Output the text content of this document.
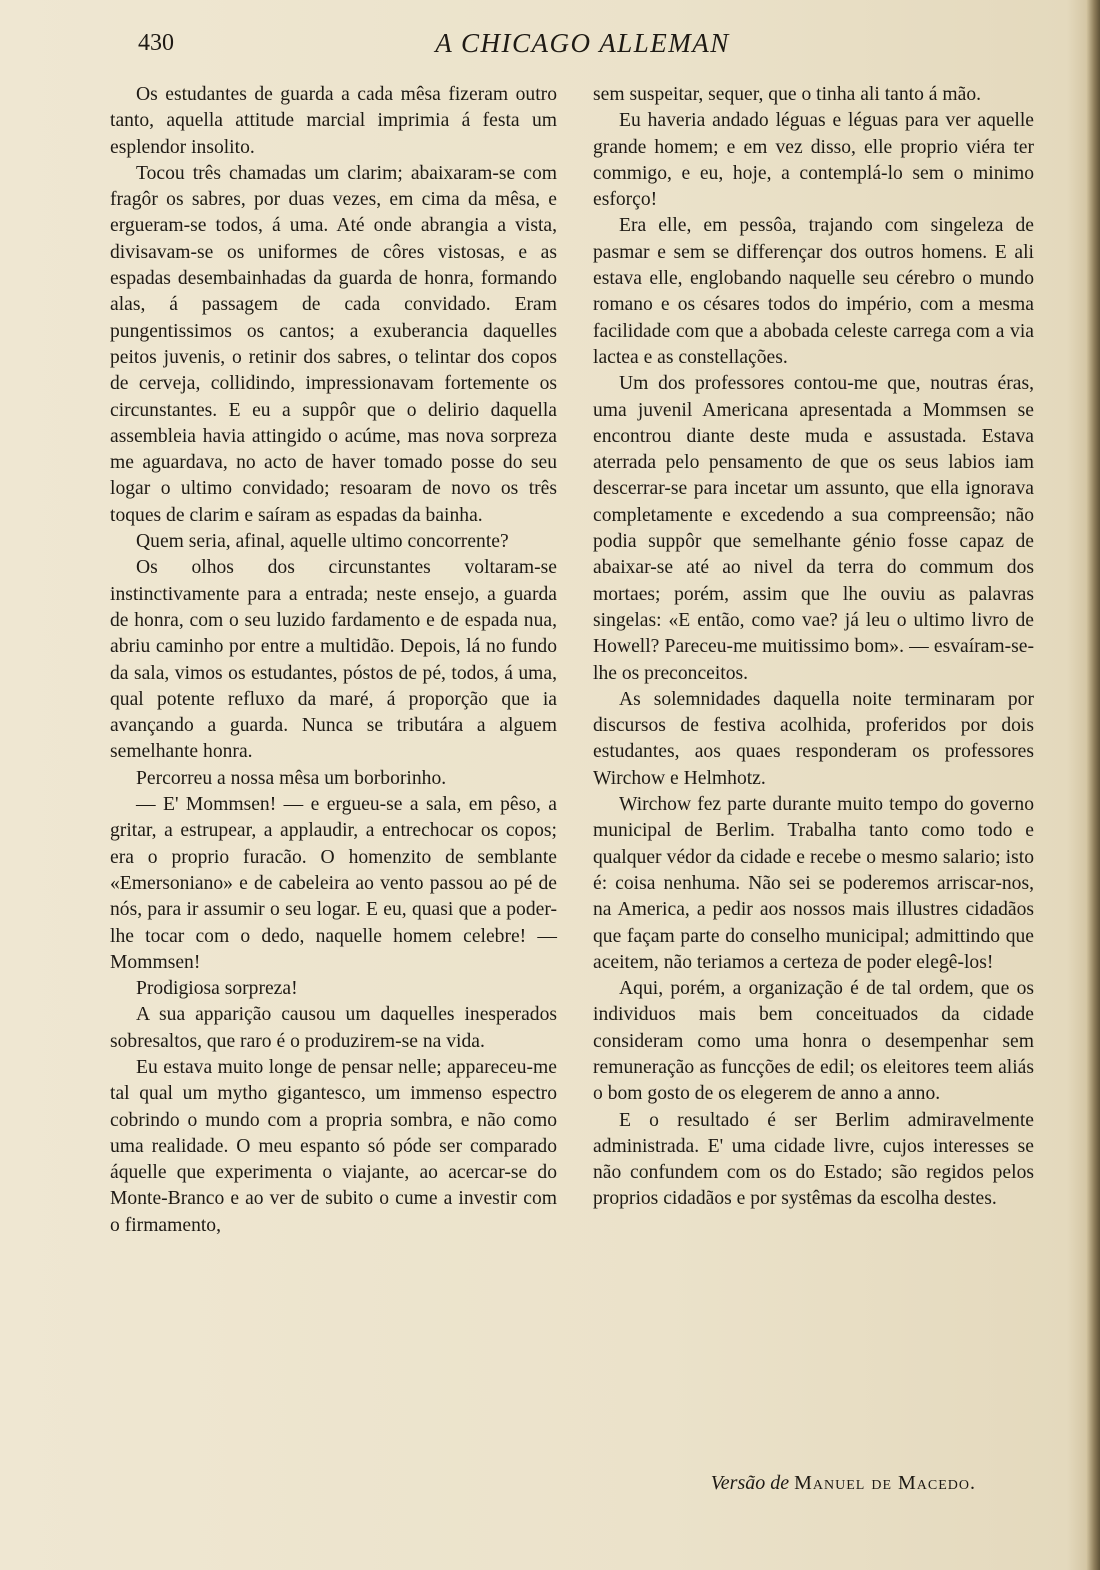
430	A CHICAGO ALLEMAN

Os estudantes de guarda a cada mêsa fizeram outro tanto, aquella attitude marcial imprimia á festa um esplendor insolito.

Tocou três chamadas um clarim; abaixaram-se com fragôr os sabres, por duas vezes, em cima da mêsa, e ergueram-se todos, á uma. Até onde abrangia a vista, divisavam-se os uniformes de côres vistosas, e as espadas desembainhadas da guarda de honra, formando alas, á passagem de cada convidado. Eram pungentissimos os cantos; a exuberancia daquelles peitos juvenis, o retinir dos sabres, o telintar dos copos de cerveja, collidindo, impressionavam fortemente os circunstantes. E eu a suppôr que o delirio daquella assembleia havia attingido o acúme, mas nova sorpreza me aguardava, no acto de haver tomado posse do seu logar o ultimo convidado; resoaram de novo os três toques de clarim e saíram as espadas da bainha.

Quem seria, afinal, aquelle ultimo concorrente?

Os olhos dos circunstantes voltaram-se instinctivamente para a entrada; neste ensejo, a guarda de honra, com o seu luzido fardamento e de espada nua, abriu caminho por entre a multidão. Depois, lá no fundo da sala, vimos os estudantes, póstos de pé, todos, á uma, qual potente refluxo da maré, á proporção que ia avançando a guarda. Nunca se tributára a alguem semelhante honra.

Percorreu a nossa mêsa um borborinho.

— E' Mommsen! — e ergueu-se a sala, em pêso, a gritar, a estrupear, a applaudir, a entrechocar os copos; era o proprio furacão. O homenzito de semblante «Emersoniano» e de cabeleira ao vento passou ao pé de nós, para ir assumir o seu logar. E eu, quasi que a poder-lhe tocar com o dedo, naquelle homem celebre! — Mommsen!

Prodigiosa sorpreza!

A sua apparição causou um daquelles inesperados sobresaltos, que raro é o produzirem-se na vida.

Eu estava muito longe de pensar nelle; appareceu-me tal qual um mytho gigantesco, um immenso espectro cobrindo o mundo com a propria sombra, e não como uma realidade. O meu espanto só póde ser comparado áquelle que experimenta o viajante, ao acercar-se do Monte-Branco e ao ver de subito o cume a investir com o firmamento,

sem suspeitar, sequer, que o tinha ali tanto á mão.

Eu haveria andado léguas e léguas para ver aquelle grande homem; e em vez disso, elle proprio viéra ter commigo, e eu, hoje, a contemplá-lo sem o minimo esforço!

Era elle, em pessôa, trajando com singeleza de pasmar e sem se differençar dos outros homens. E ali estava elle, englobando naquelle seu cérebro o mundo romano e os césares todos do império, com a mesma facilidade com que a abobada celeste carrega com a via lactea e as constellações.

Um dos professores contou-me que, noutras éras, uma juvenil Americana apresentada a Mommsen se encontrou diante deste muda e assustada. Estava aterrada pelo pensamento de que os seus labios iam descerrar-se para incetar um assunto, que ella ignorava completamente e excedendo a sua compreensão; não podia suppôr que semelhante génio fosse capaz de abaixar-se até ao nivel da terra do commum dos mortaes; porém, assim que lhe ouviu as palavras singelas: «E então, como vae? já leu o ultimo livro de Howell? Pareceu-me muitissimo bom». — esvaíram-se-lhe os preconceitos.

As solemnidades daquella noite terminaram por discursos de festiva acolhida, proferidos por dois estudantes, aos quaes responderam os professores Wirchow e Helmhotz.

Wirchow fez parte durante muito tempo do governo municipal de Berlim. Trabalha tanto como todo e qualquer védor da cidade e recebe o mesmo salario; isto é: coisa nenhuma. Não sei se poderemos arriscar-nos, na America, a pedir aos nossos mais illustres cidadãos que façam parte do conselho municipal; admittindo que aceitem, não teriamos a certeza de poder elegê-los!

Aqui, porém, a organização é de tal ordem, que os individuos mais bem conceituados da cidade consideram como uma honra o desempenhar sem remuneração as funcções de edil; os eleitores teem aliás o bom gosto de os elegerem de anno a anno.

E o resultado é ser Berlim admiravelmente administrada. E' uma cidade livre, cujos interesses se não confundem com os do Estado; são regidos pelos proprios cidadãos e por systêmas da escolha destes.

Versão de Manuel de Macedo.
